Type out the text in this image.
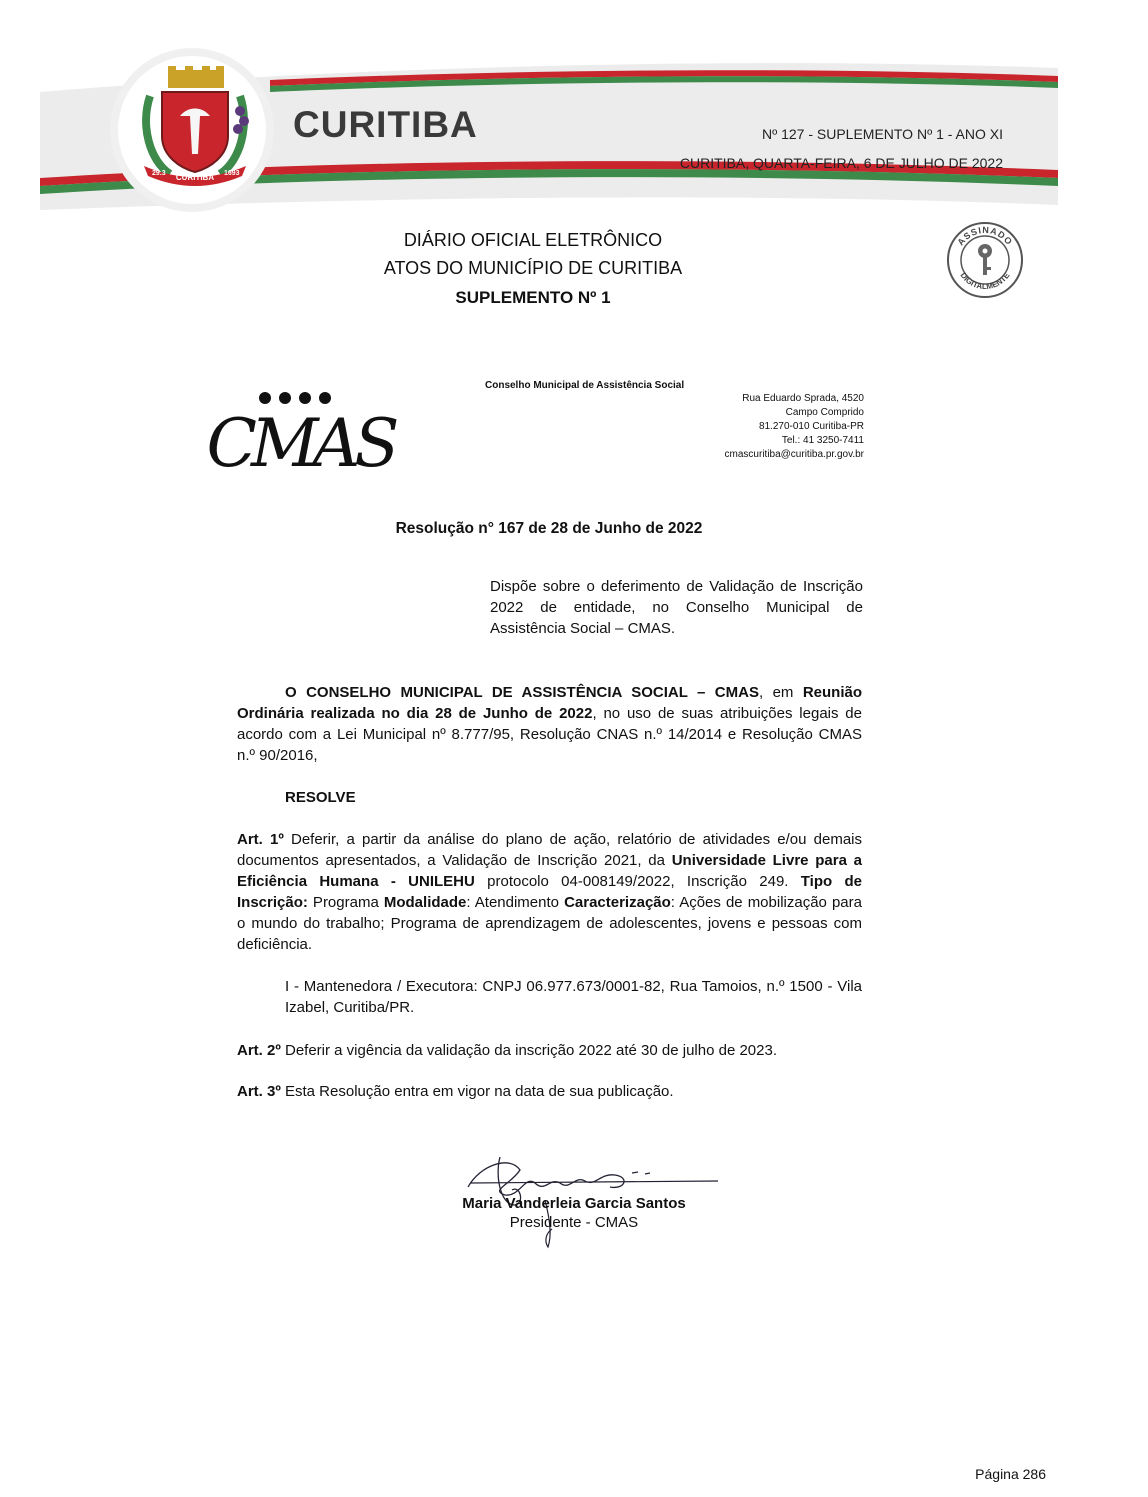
CURITIBA
29.3	1693
CURITIBA	Nº 127 - SUPLEMENTO Nº 1 - ANO XI
CURITIBA, QUARTA-FEIRA, 6 DE JULHO DE 2022
DIÁRIO OFICIAL ELETRÔNICO
ATOS DO MUNICÍPIO DE CURITIBA
SUPLEMENTO Nº 1
ASSINADO
DIGITALMENTE
CMAS
Conselho Municipal de Assistência Social
Rua Eduardo Sprada, 4520
Campo Comprido
81.270-010 Curitiba-PR
Tel.: 41 3250-7411
cmascuritiba@curitiba.pr.gov.br
Resolução n° 167 de 28 de Junho de 2022
Dispõe sobre o deferimento de Validação de Inscrição 2022 de entidade, no Conselho Municipal de Assistência Social – CMAS.
O CONSELHO MUNICIPAL DE ASSISTÊNCIA SOCIAL – CMAS, em Reunião Ordinária realizada no dia 28 de Junho de 2022, no uso de suas atribuições legais de acordo com a Lei Municipal nº 8.777/95, Resolução CNAS n.º 14/2014 e Resolução CMAS n.º 90/2016,
RESOLVE
Art. 1º Deferir, a partir da análise do plano de ação, relatório de atividades e/ou demais documentos apresentados, a Validação de Inscrição 2021, da Universidade Livre para a Eficiência Humana - UNILEHU protocolo 04-008149/2022, Inscrição 249. Tipo de Inscrição: Programa Modalidade: Atendimento Caracterização: Ações de mobilização para o mundo do trabalho; Programa de aprendizagem de adolescentes, jovens e pessoas com deficiência.
I - Mantenedora / Executora: CNPJ 06.977.673/0001-82, Rua Tamoios, n.º 1500 - Vila Izabel, Curitiba/PR.
Art. 2º Deferir a vigência da validação da inscrição 2022 até 30 de julho de 2023.
Art. 3º Esta Resolução entra em vigor na data de sua publicação.
Maria Vanderleia Garcia Santos
Presidente - CMAS
Página 286
